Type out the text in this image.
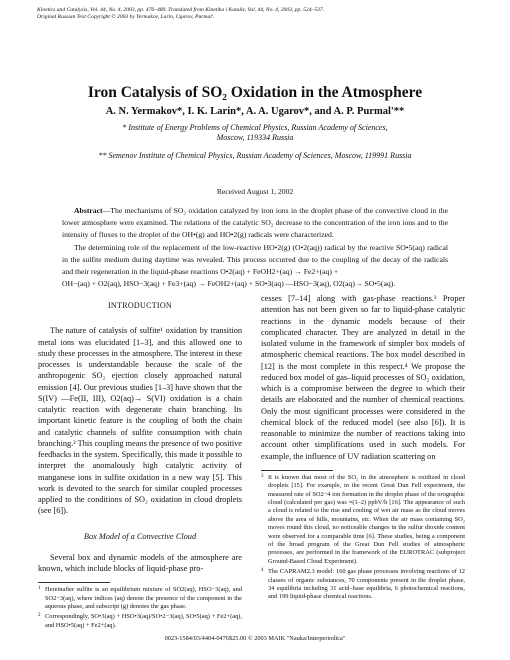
Kinetics and Catalysis, Vol. 44, No. 4, 2003, pp. 476–489. Translated from Kinetika i Kataliz, Vol. 44, No. 4, 2003, pp. 524–537.
Original Russian Text Copyright © 2003 by Yermakov, Larin, Ugarov, Purmal'.
Iron Catalysis of SO₂ Oxidation in the Atmosphere
A. N. Yermakov*, I. K. Larin*, A. A. Ugarov*, and A. P. Purmal'**
* Institute of Energy Problems of Chemical Physics, Russian Academy of Sciences,
Moscow, 119334 Russia
** Semenov Institute of Chemical Physics, Russian Academy of Sciences, Moscow, 119991 Russia
Received August 1, 2002

Abstract—The mechanisms of SO₂ oxidation catalyzed by iron ions in the droplet phase of the convective cloud in the lower atmosphere were examined. The relations of the catalytic SO₂ decrease to the concentration of the iron ions and to the intensity of fluxes to the droplet of the OH•(g) and HO•2(g) radicals were characterized.

The determining role of the replacement of the low-reactive HO•2(g) (O•2(aq)) radical by the reactive SO•5(aq) radical in the sulfite medium during daytime was revealed. This process occurred due to the coupling of the decay of the radicals and their regeneration in the liquid-phase reactions O•2(aq) + FeOH2+(aq) → Fe2+(aq) +

OH−(aq) + O2(aq), HSO−3(aq) + Fe3+(aq) → FeOH2+(aq) + SO•3(aq) —HSO−3(aq), O2(aq)→ SO•5(aq).

INTRODUCTION

The nature of catalysis of sulfite¹ oxidation by transition metal ions was elucidated [1–3], and this allowed one to study these processes in the atmosphere. The interest in these processes is understandable because the scale of the anthropogenic SO₂ ejection closely approached natural emission [4]. Our previous studies [1–3] have shown that the S(IV) —Fe(II, III), O2(aq)→ S(VI) oxidation is a chain catalytic reaction with degenerate chain branching. Its important kinetic feature is the coupling of both the chain and catalytic channels of sulfite consumption with chain branching.² This coupling means the presence of two positive feedbacks in the system. Specifically, this made it possible to interpret the anomalously high catalytic activity of manganese ions in sulfite oxidation in a new way [5]. This work is devoted to the search for similar coupled processes applied to the conditions of SO₂ oxidation in cloud droplets (see [6]).

Box Model of a Convective Cloud

Several box and dynamic models of the atmosphere are known, which include blocks of liquid-phase pro-

1 Hereinafter sulfite is an equilibrium mixture of SO2(aq), HSO−3(aq), and SO2−3(aq), where indices (aq) denote the presence of the component in the aqueous phase, and subscript (g) denotes the gas phase.

2 Correspondingly, SO•3(aq) + HSO•3(aq)/SO•2−3(aq), SO•5(aq) + Fe2+(aq), and HSO•5(aq) + Fe2+(aq).

cesses [7–14] along with gas-phase reactions.³ Proper attention has not been given so far to liquid-phase catalytic reactions in the dynamic models because of their complicated character. They are analyzed in detail in the isolated volume in the framework of simpler box models of atmospheric chemical reactions. The box model described in [12] is the most complete in this respect.⁴ We propose the reduced box model of gas–liquid processes of SO₂ oxidation, which is a compromise between the degree to which their details are elaborated and the number of chemical reactions. Only the most significant processes were considered in the chemical block of the reduced model (see also [6]). It is reasonable to minimize the number of reactions taking into account other simplifications used in such models. For example, the influence of UV radiation scattering on

3 It is known that most of the SO₂ in the atmosphere is oxidized in cloud droplets [15]. For example, in the recent Great Dun Fell experiment, the measured rate of SO2−4 ion formation in the droplet phase of the orographic cloud (calculated per gas) was ≈(1–2) ppbV/h [16]. The appearance of such a cloud is related to the rise and cooling of wet air mass as the cloud moves above the area of hills, mountains, etc. When the air mass containing SO₂ moves round this cloud, no noticeable changes in the sulfur dioxide content were observed for a comparable time [6]. These studies, being a component of the broad program of the Great Dun Fell studies of atmospheric processes, are performed in the framework of the EUROTRAC (subproject Ground-Based Cloud Experiment).

4 The CAPRAM2.3 model: 160 gas phase processes involving reactions of 12 classes of organic substances, 70 components present in the droplet phase, 34 equilibria including 31 acid–base equilibria, 6 photochemical reactions, and 199 liquid-phase chemical reactions.

0023-1584/03/4404-0476$25.00 © 2003 MAIK "Nauka/Interperiodica"
